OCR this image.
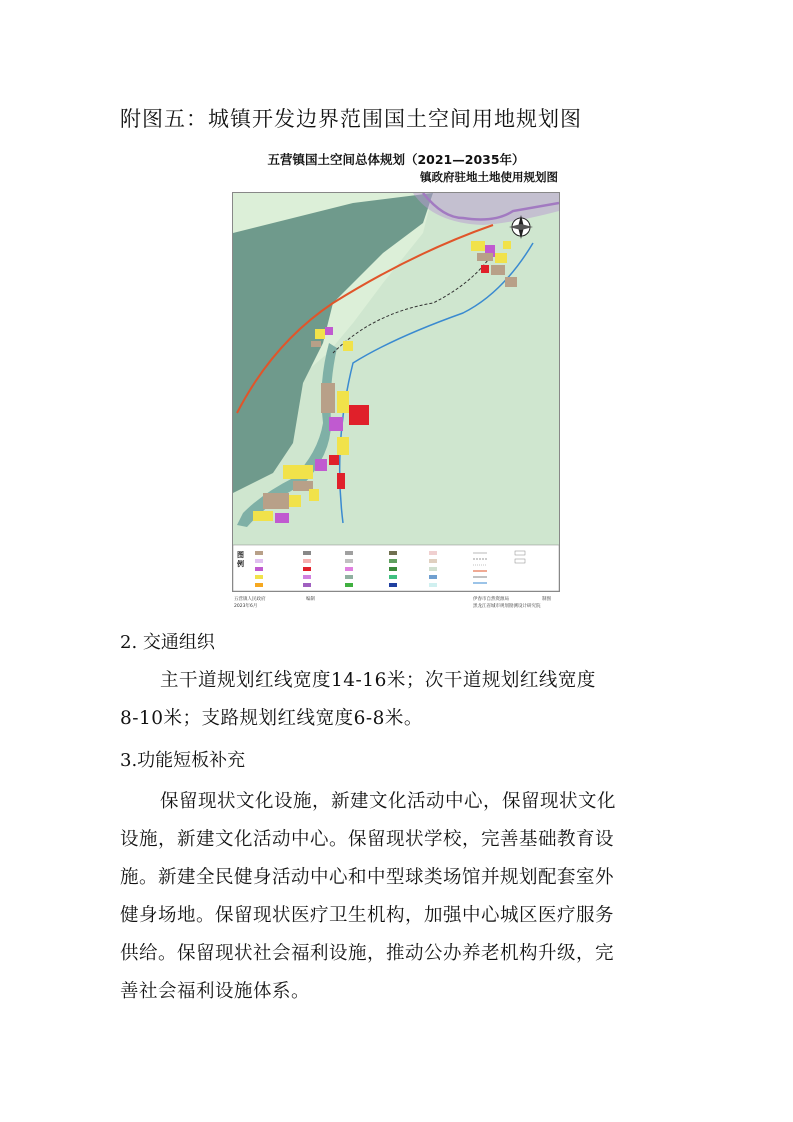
附图五：城镇开发边界范围国土空间用地规划图
五营镇国土空间总体规划（2021—2035年）
镇政府驻地土地使用规划图
图例
五营镇人民政府
2023年6月
编制	伊春市自然资源局
黑龙江省城市规划勘测设计研究院
制图
2. 交通组织

主干道规划红线宽度14-16米；次干道规划红线宽度
8-10米；支路规划红线宽度6-8米。

3.功能短板补充

保留现状文化设施，新建文化活动中心，保留现状文化
设施，新建文化活动中心。保留现状学校，完善基础教育设
施。新建全民健身活动中心和中型球类场馆并规划配套室外
健身场地。保留现状医疗卫生机构，加强中心城区医疗服务
供给。保留现状社会福利设施，推动公办养老机构升级，完
善社会福利设施体系。
